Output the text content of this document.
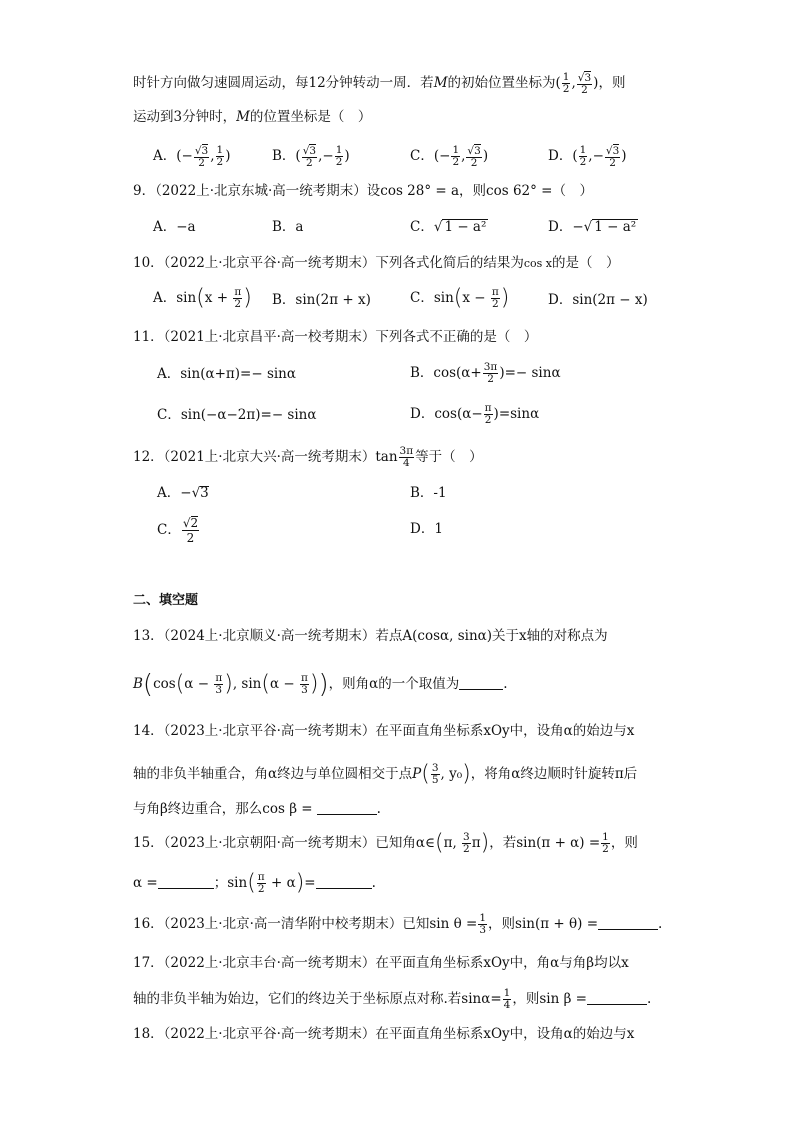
时针方向做匀速圆周运动，每12分钟转动一周．若M的初始位置坐标为( $\frac{1}{2}$ , $\frac{√3}{2}$ )，则
运动到3分钟时，M的位置坐标是（　）
A．(− $\frac{√3}{2}$ , $\frac{1}{2}$ )	B．( $\frac{√3}{2}$ ,− $\frac{1}{2}$ )	C．(− $\frac{1}{2}$ , $\frac{√3}{2}$ )	D．( $\frac{1}{2}$ ,− $\frac{√3}{2}$ )
9．（2022上·北京东城·高一统考期末）设cos 28° = a，则cos 62° =（　）
A．−a	B．a	C．√ 1 − a²	D．−√ 1 − a²
10．（2022上·北京平谷·高一统考期末）下列各式化简后的结果为cos x的是（　）
A．$\sin(x + \frac{\pi}{2}$ ) B．sin(2π + x)	C．$\sin(x - \frac{\pi}{2}$ )	D．sin(2π − x)
11．（2021上·北京昌平·高一校考期末）下列各式不正确的是（　）
A．sin(α+π)=− sinα	B．$\cos(\alpha+ \frac{3\pi}{2}$ )=− sinα
C．sin(−α−2π)=− sinα	D．$\cos(\alpha- \frac{\pi}{2} )=\sin\alpha$
12．（2021上·北京大兴·高一统考期末）$\tan \frac{3\pi}{4}$ 等于（　）
A．−√3	B．-1
C． $\frac{√2}{2}$	D．1
二、填空题
13．（2024上·北京顺义·高一统考期末）若点A(cosα, sinα)关于x轴的对称点为
$B(\cos(\alpha - \frac{\pi}{3}$ ), $\sin(\alpha - \frac{\pi}{3}$ ))，则角α的一个取值为	.
14．（2023上·北京平谷·高一统考期末）在平面直角坐标系xOy中，设角α的始边与x
轴的非负半轴重合，角α终边与单位圆相交于点$P( \frac{3}{5}$ , y₀)，将角α终边顺时针旋转π后
与角β终边重合，那么cos β =	.
15．（2023上·北京朝阳·高一统考期末）已知角α∈(π, $\frac{3}{2} \pi$)，若$\sin(\pi + \alpha) = \frac{1}{2}$ ，则
α =	；$\sin( \frac{\pi}{2} + \alpha)=$	.
16．（2023上·北京·高一清华附中校考期末）已知$\sin \theta = \frac{1}{3}$ ，则sin(π + θ) =	.
17．（2022上·北京丰台·高一统考期末）在平面直角坐标系xOy中，角α与角β均以x
轴的非负半轴为始边，它们的终边关于坐标原点对称.若$\sin\alpha= \frac{1}{4}$ ，则sin β =	.
18．（2022上·北京平谷·高一统考期末）在平面直角坐标系xOy中，设角α的始边与x
